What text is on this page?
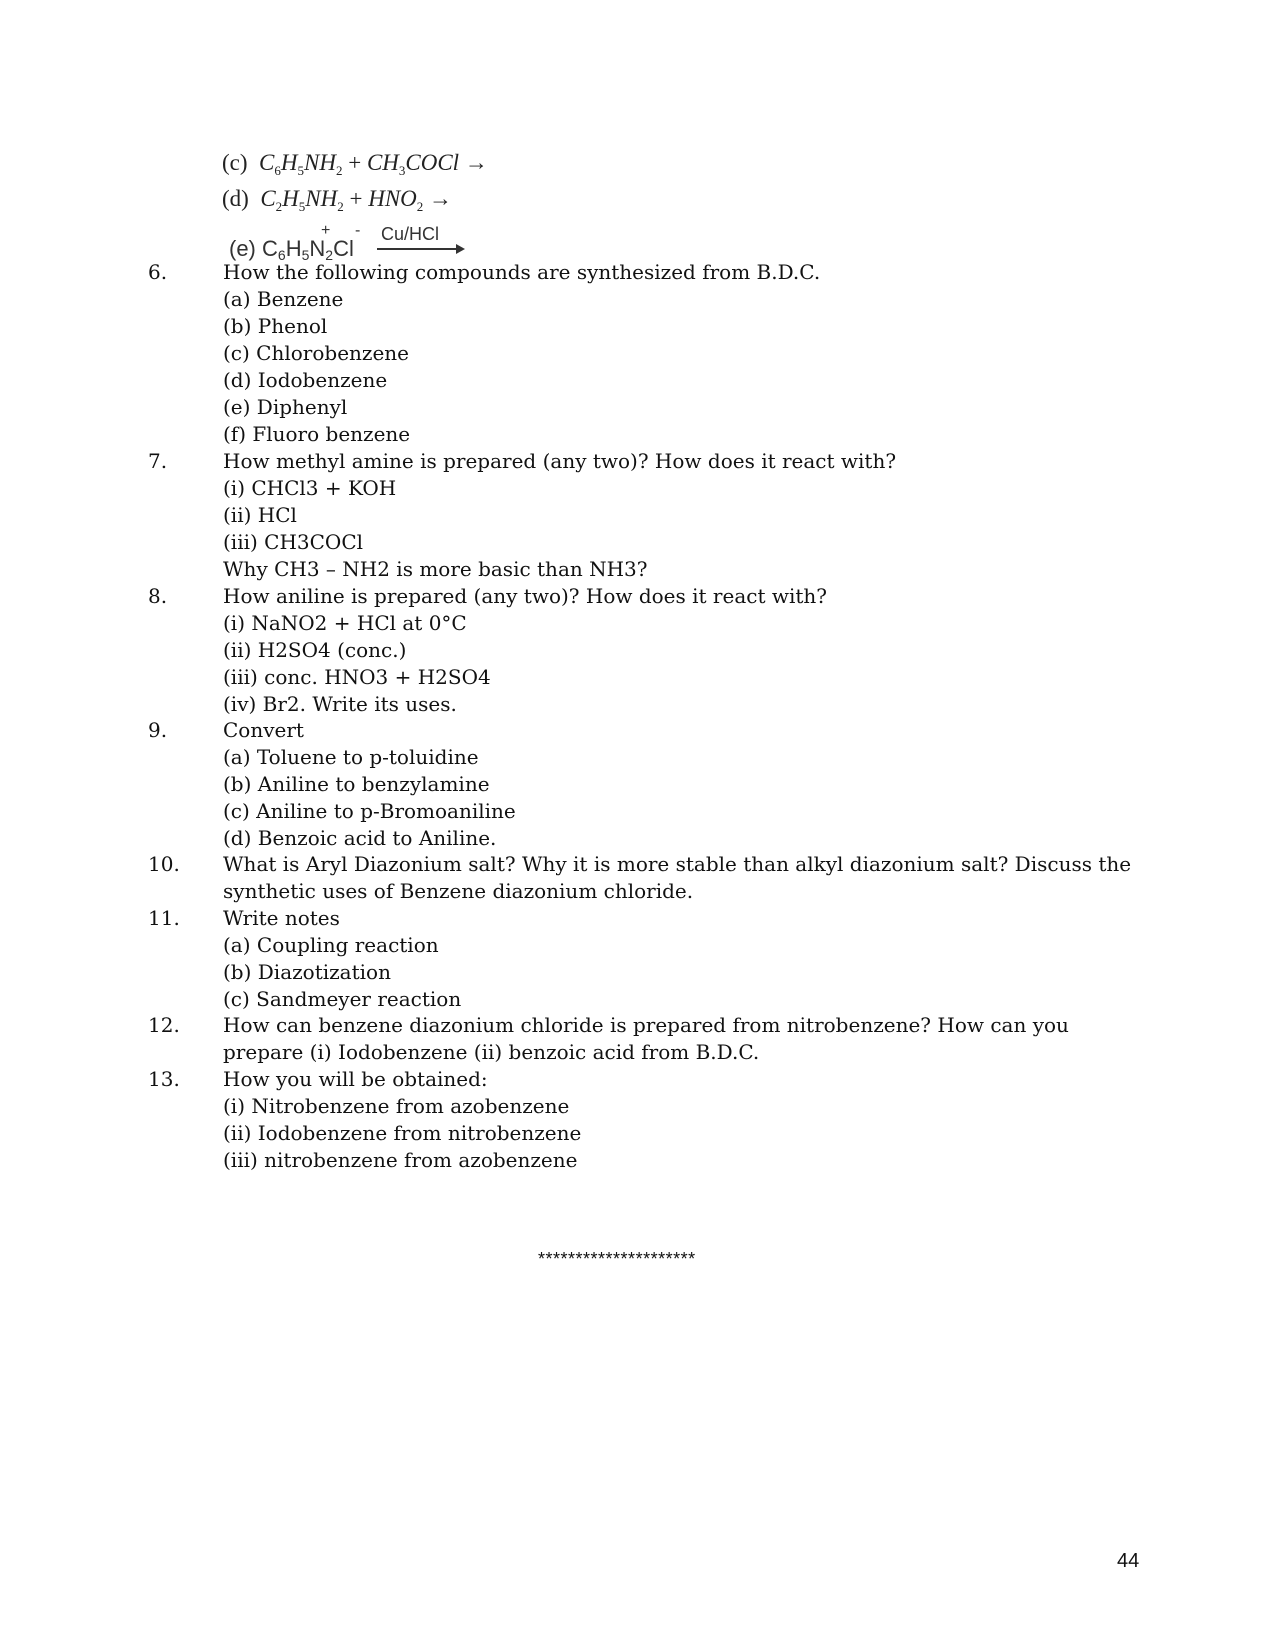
(c) $C_6H_5NH_2$ + $CH_3COCl$ →
(d) $C_2H_5NH_2 + HNO_2$ →
(e) $C_6H_5N_2Cl$
+ - Cu/HCl
6.	How the following compounds are synthesized from B.D.C.
(a) Benzene
(b) Phenol
(c) Chlorobenzene
(d) Iodobenzene
(e) Diphenyl
(f) Fluoro benzene
7.	How methyl amine is prepared (any two)? How does it react with?
(i) CHCl3 + KOH
(ii) HCl
(iii) CH3COCl
Why CH3 – NH2 is more basic than NH3?
8.	How aniline is prepared (any two)? How does it react with?
(i) NaNO2 + HCl at 0°C
(ii) H2SO4 (conc.)
(iii) conc. HNO3 + H2SO4
(iv) Br2. Write its uses.
9.	Convert
(a) Toluene to p-toluidine
(b) Aniline to benzylamine
(c) Aniline to p-Bromoaniline
(d) Benzoic acid to Aniline.
10. What is Aryl Diazonium salt? Why it is more stable than alkyl diazonium salt? Discuss the synthetic uses of Benzene diazonium chloride.
11. Write notes
(a) Coupling reaction
(b) Diazotization
(c) Sandmeyer reaction
12. How can benzene diazonium chloride is prepared from nitrobenzene? How can you prepare (i) Iodobenzene (ii) benzoic acid from B.D.C.
13. How you will be obtained:
(i) Nitrobenzene from azobenzene
(ii) Iodobenzene from nitrobenzene
(iii) nitrobenzene from azobenzene
*********************
44
